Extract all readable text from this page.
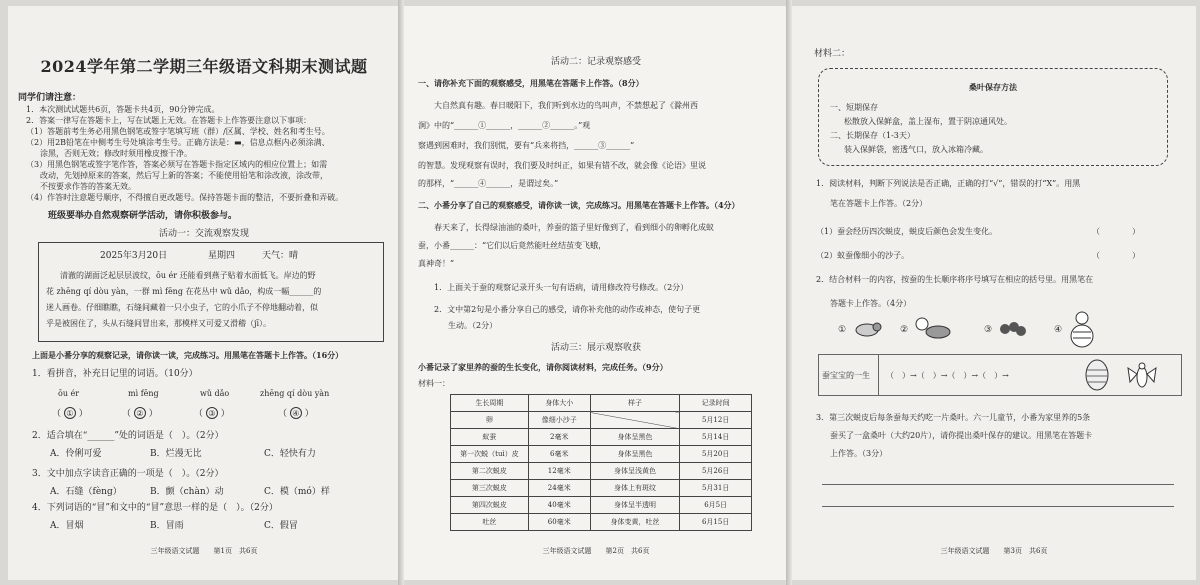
2024学年第二学期三年级语文科期末测试题
同学们请注意：
1．本次测试试题共6页，答题卡共4页，90分钟完成。
2．答案一律写在答题卡上，写在试题上无效。在答题卡上作答要注意以下事项：
（1）答题前考生务必用黑色钢笔或签字笔填写班（群）/区属、学校、姓名和考生号。
（2）用2B铅笔在中侧考生号处填涂考生号。正确方法是：▬，信息点框内必须涂满、
涂黑，否则无效；修改时须用橡皮擦干净。
（3）用黑色钢笔或签字笔作答，答案必须写在答题卡指定区域内的相应位置上；如需
改动，先划掉原来的答案，然后写上新的答案；不能使用铅笔和涂改液，涂改带，
不按要求作答的答案无效。
（4）作答时注意题号顺序，不得擅自更改题号。保持答题卡面的整洁，不要折叠和弄破。
班级要举办自然观察研学活动，请你积极参与。
活动一：交流观察发现
2025年3月20日	星期四	天气：晴
清澈的湖面泛起层层波纹，ōu ér 还能看到燕子贴着水面低飞。岸边的野
花 zhēng qí dòu yàn，一群 mì fēng 在花丛中 wǔ dǎo，构成一幅______的
迷人画卷。仔细瞧瞧，石缝间藏着一只小虫子，它的小爪子不停地翻动着，似
乎是被困住了，头从石缝间冒出来，那模样又可爱又滑稽（jī）。
上面是小番分享的观察记录，请你读一读，完成练习。用黑笔在答题卡上作答。（16分）
1．看拼音，补充日记里的词语。（10分）
ōu ér	mì fēng	wǔ dǎo	zhēng qí dòu yàn
（ ① ）	（ ② ）	（ ③ ）	（ ④ ）
2．适合填在“______”处的词语是（　）。（2分）
A．伶俐可爱	B．烂漫无比	C．轻快有力
3．文中加点字读音正确的一项是（　）。（2分）
A．石缝（fèng）	B．颤（chàn）动	C．模（mó）样
4．下列词语的“冒”和文中的“冒”意思一样的是（　）。（2分）
A．冒烟	B．冒雨	C．假冒
三年级语文试题　　第1页　共6页
活动二：记录观察感受
一、请你补充下面的观察感受，用黑笔在答题卡上作答。（8分）
大自然真有趣。春日暖阳下，我们听到水边的鸟叫声，不禁想起了《滁州西
涧》中的“______①______，______②______。”观
察遇到困难时，我们别慌，要有“兵来将挡，______③______”
的智慧。发现观察有误时，我们要及时纠正，如果有错不改，就会像《论语》里说
的那样，“______④______，是谓过矣。”
二、小番分享了自己的观察感受，请你读一读，完成练习。用黑笔在答题卡上作答。（4分）
春天来了，长得绿油油的桑叶，养蚕的篮子里好像到了，看到细小的卵孵化成蚁
蚕，小番______：“它们以后竟然能吐丝结茧变飞蛾，
真神奇！”
1．上面关于蚕的观察记录开头一句有语病，请用修改符号修改。（2分）
2．文中第2句是小番分享自己的感受，请你补充他的动作或神态，使句子更
生动。（2分）
活动三：展示观察收获
小番记录了家里养的蚕的生长变化，请你阅读材料，完成任务。（9分）
材料一：
生长周期	身体大小	样子	记录时间
卵	像细小沙子		5月12日
蚁蚕	2毫米	身体呈黑色	5月14日
第一次蜕（tuì）皮	6毫米	身体呈黑色	5月20日
第二次蜕皮	12毫米	身体呈浅黄色	5月26日
第三次蜕皮	24毫米	身体上有斑纹	5月31日
第四次蜕皮	40毫米	身体呈半透明	6月5日
吐丝	60毫米	身体变黄，吐丝	6月15日
三年级语文试题　　第2页　共6页
材料二：
桑叶保存方法
一、短期保存
松散放入保鲜盒，盖上湿布，置于阴凉通风处。
二、长期保存（1-3天）
装入保鲜袋，密透气口，放入冰箱冷藏。
1．阅读材料，判断下列说法是否正确，正确的打“√”，错误的打“X”。用黑
笔在答题卡上作答。（2分）
（1）蚕会经历四次蜕皮，蜕皮后颜色会发生变化。	（　　　　）
（2）蚁蚕像细小的沙子。	（　　　　）
2．结合材料一的内容，按蚕的生长顺序将序号填写在相应的括号里。用黑笔在
答题卡上作答。（4分）
①	②	③	④
蚕宝宝的一生 （　）→（　）→（　）→（　）→
3．第三次蜕皮后每条蚕每天约吃一片桑叶。六一儿童节，小番为家里养的5条
蚕买了一盒桑叶（大约20片），请你提出桑叶保存的建议。用黑笔在答题卡
上作答。（3分）
三年级语文试题　　第3页　共6页
